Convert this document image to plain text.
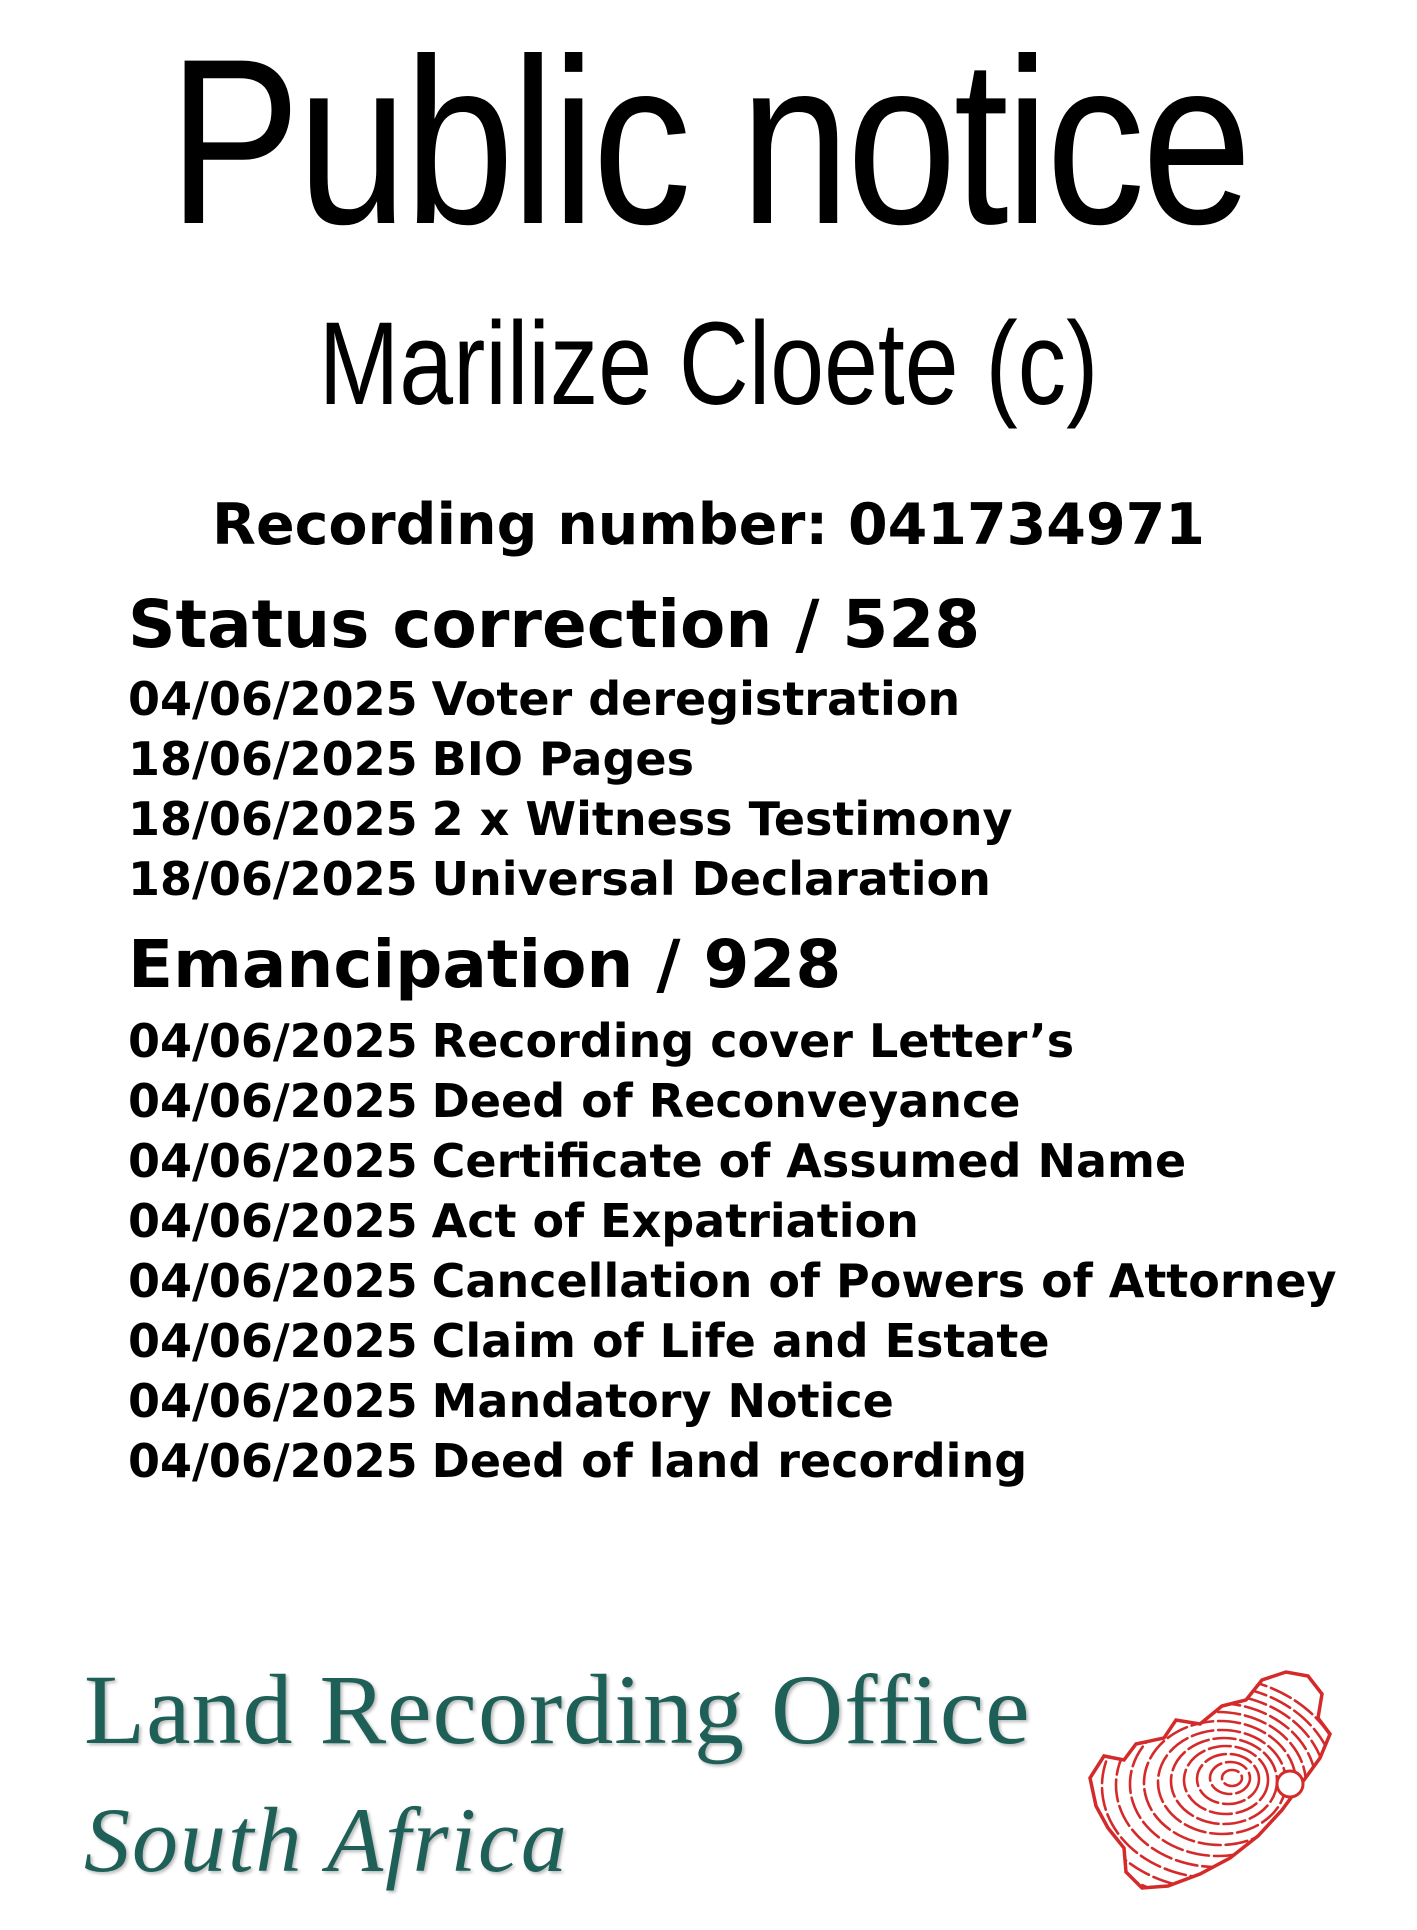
Public notice
Marilize Cloete (c)
Recording number: 041734971
Status correction / 528
04/06/2025 Voter deregistration
18/06/2025 BIO Pages
18/06/2025 2 x Witness Testimony
18/06/2025 Universal Declaration
Emancipation / 928
04/06/2025 Recording cover Letter’s
04/06/2025 Deed of Reconveyance
04/06/2025 Certificate of Assumed Name
04/06/2025 Act of Expatriation
04/06/2025 Cancellation of Powers of Attorney
04/06/2025 Claim of Life and Estate
04/06/2025 Mandatory Notice
04/06/2025 Deed of land recording
Land Recording Office
South Africa
